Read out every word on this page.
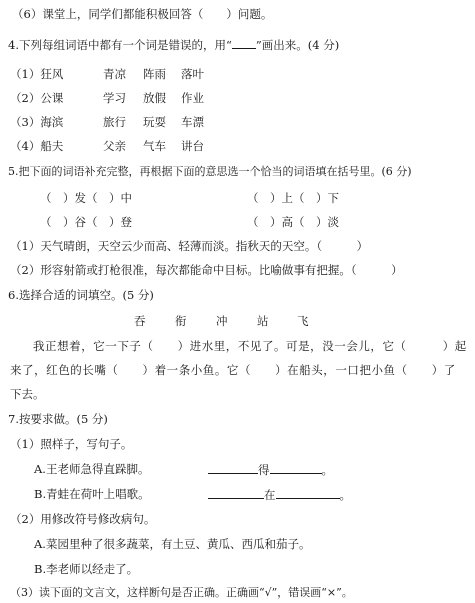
（6）课堂上，同学们都能积极回答（　　）问题。
4.下列每组词语中都有一个词是错误的，用“ ”画出来。(4 分)
（1）狂风	青凉 阵雨 落叶
（2）公课	学习 放假 作业
（3）海滨	旅行 玩耍 车漂
（4）船夫	父亲 气车 讲台
5.把下面的词语补充完整，再根据下面的意思选一个恰当的词语填在括号里。(6 分)
（　）发（　）中	（　）上（　）下
（　）谷（　）登	（　）高（　）淡
（1）天气晴朗，天空云少而高、轻薄而淡。指秋天的天空。（　　　）
（2）形容射箭或打枪很准，每次都能命中目标。比喻做事有把握。（　　　）
6.选择合适的词填空。(5 分)
吞	衔	冲	站 飞
我正想着，它一下子（　　）进水里，不见了。可是，没一会儿，它（　　　）起
来了，红色的长嘴（　　）着一条小鱼。它（　　）在船头，一口把小鱼（　　）了
下去。
7.按要求做。(5 分)
（1）照样子，写句子。
A.王老师急得直跺脚。	得	。
B.青蛙在荷叶上唱歌。	在	。
（2）用修改符号修改病句。
A.菜园里种了很多蔬菜，有土豆、黄瓜、西瓜和茄子。
B.李老师以经走了。
（3）读下面的文言文，这样断句是否正确。正确画“√”，错误画“×”。
